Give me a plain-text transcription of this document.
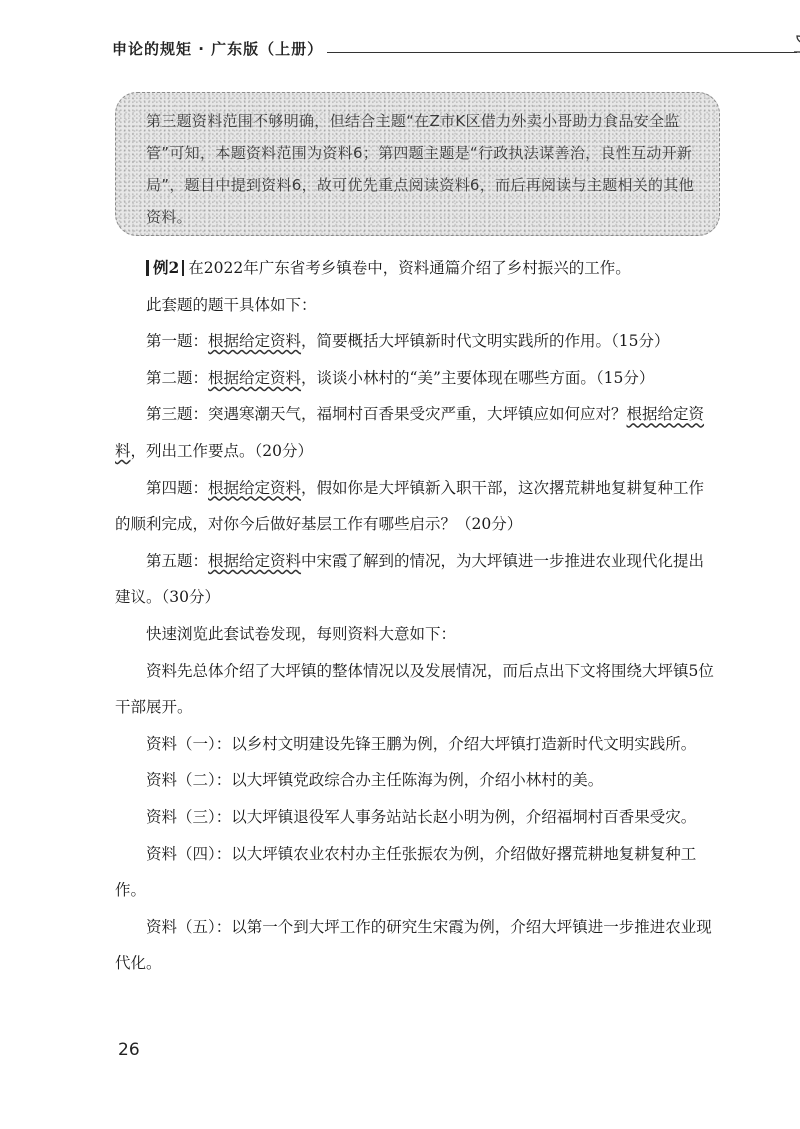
申论的规矩 · 广东版（上册）
第三题资料范围不够明确，但结合主题“在Z市K区借力外卖小哥助力食品安全监管”可知，本题资料范围为资料6；第四题主题是“行政执法谋善治，良性互动开新局”，题目中提到资料6，故可优先重点阅读资料6，而后再阅读与主题相关的其他资料。

例2 在2022年广东省考乡镇卷中，资料通篇介绍了乡村振兴的工作。

此套题的题干具体如下：

第一题：根据给定资料，简要概括大坪镇新时代文明实践所的作用。（15分）

第二题：根据给定资料，谈谈小林村的“美”主要体现在哪些方面。（15分）

第三题：突遇寒潮天气，福垌村百香果受灾严重，大坪镇应如何应对？根据给定资料，列出工作要点。（20分）

第四题：根据给定资料，假如你是大坪镇新入职干部，这次撂荒耕地复耕复种工作的顺利完成，对你今后做好基层工作有哪些启示？（20分）

第五题：根据给定资料中宋霞了解到的情况，为大坪镇进一步推进农业现代化提出建议。（30分）

快速浏览此套试卷发现，每则资料大意如下：

资料先总体介绍了大坪镇的整体情况以及发展情况，而后点出下文将围绕大坪镇5位干部展开。

资料（一）：以乡村文明建设先锋王鹏为例，介绍大坪镇打造新时代文明实践所。

资料（二）：以大坪镇党政综合办主任陈海为例，介绍小林村的美。

资料（三）：以大坪镇退役军人事务站站长赵小明为例，介绍福垌村百香果受灾。

资料（四）：以大坪镇农业农村办主任张振农为例，介绍做好撂荒耕地复耕复种工作。

资料（五）：以第一个到大坪工作的研究生宋霞为例，介绍大坪镇进一步推进农业现代化。

26
